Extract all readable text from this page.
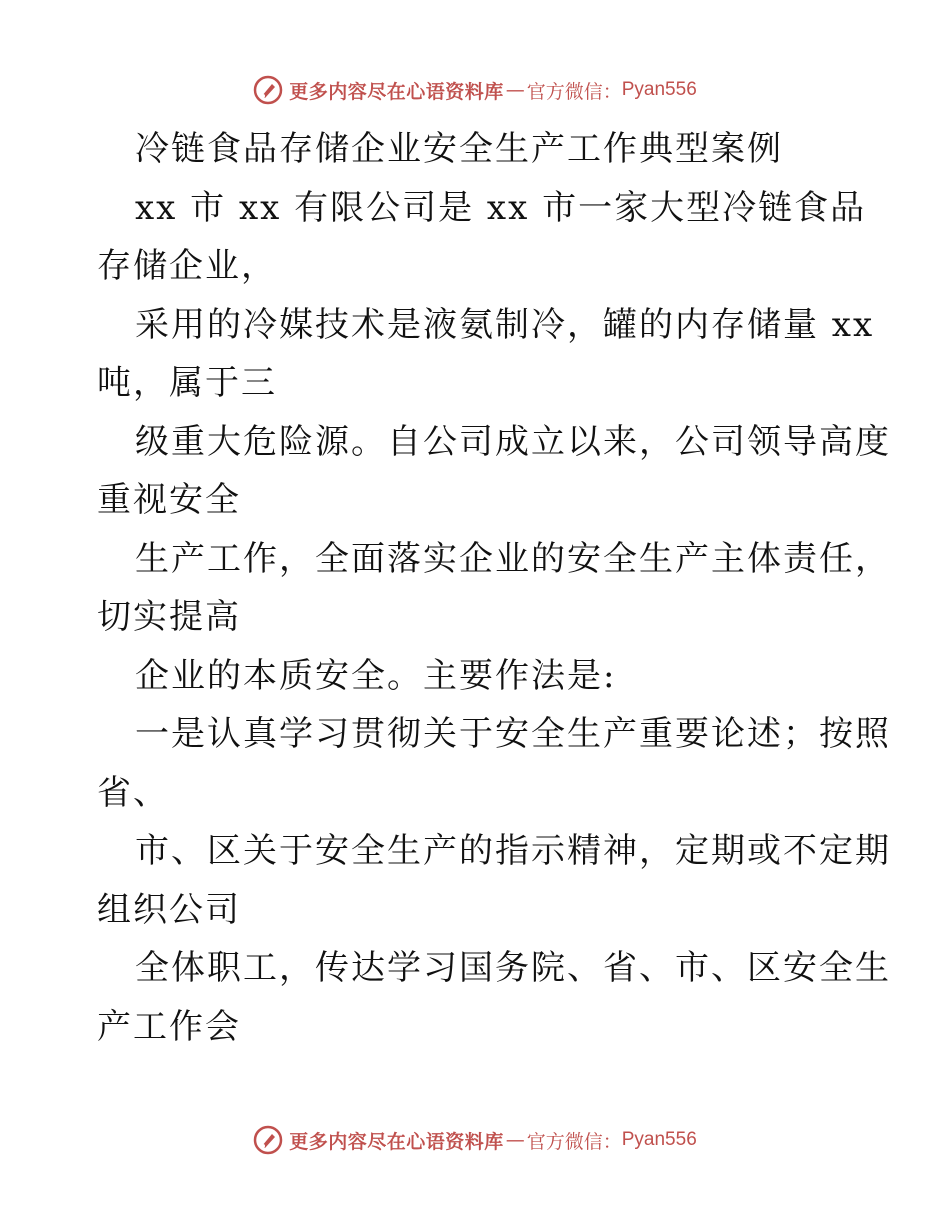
更多内容尽在心语资料库 — 官方微信： Pyan556
冷链食品存储企业安全生产工作典型案例
xx 市 xx 有限公司是 xx 市一家大型冷链食品
存储企业，
采用的冷媒技术是液氨制冷，罐的内存储量 xx
吨，属于三
级重大危险源。自公司成立以来，公司领导高度
重视安全
生产工作，全面落实企业的安全生产主体责任，
切实提高
企业的本质安全。主要作法是:
一是认真学习贯彻关于安全生产重要论述；按照
省、
市、区关于安全生产的指示精神，定期或不定期
组织公司
全体职工，传达学习国务院、省、市、区安全生
产工作会
更多内容尽在心语资料库 — 官方微信： Pyan556
